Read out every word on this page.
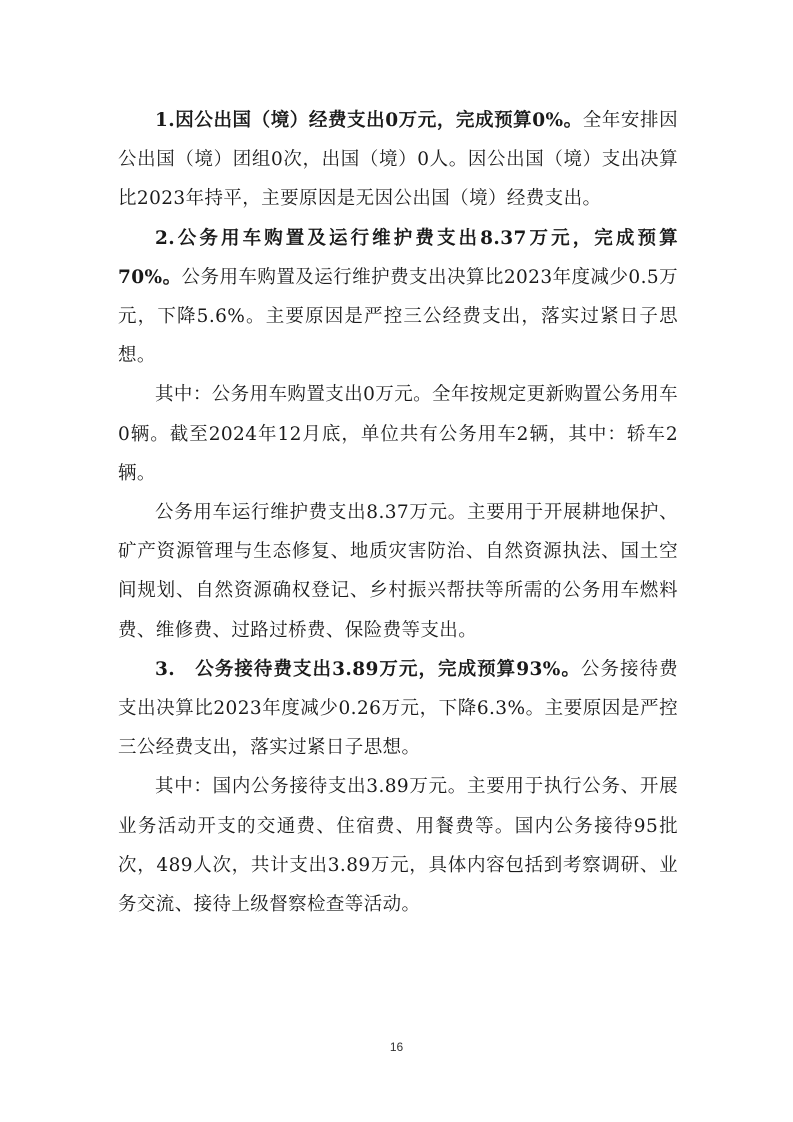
1.因公出国（境）经费支出0万元，完成预算0%。全年安排因公出国（境）团组0次，出国（境）0人。因公出国（境）支出决算比2023年持平，主要原因是无因公出国（境）经费支出。

2.公务用车购置及运行维护费支出8.37万元，完成预算70%。公务用车购置及运行维护费支出决算比2023年度减少0.5万元，下降5.6%。主要原因是严控三公经费支出，落实过紧日子思想。

其中：公务用车购置支出0万元。全年按规定更新购置公务用车0辆。截至2024年12月底，单位共有公务用车2辆，其中：轿车2辆。

公务用车运行维护费支出8.37万元。主要用于开展耕地保护、矿产资源管理与生态修复、地质灾害防治、自然资源执法、国土空间规划、自然资源确权登记、乡村振兴帮扶等所需的公务用车燃料费、维修费、过路过桥费、保险费等支出。

3.　公务接待费支出3.89万元，完成预算93%。公务接待费支出决算比2023年度减少0.26万元，下降6.3%。主要原因是严控三公经费支出，落实过紧日子思想。

其中：国内公务接待支出3.89万元。主要用于执行公务、开展业务活动开支的交通费、住宿费、用餐费等。国内公务接待95批次，489人次，共计支出3.89万元，具体内容包括到考察调研、业务交流、接待上级督察检查等活动。

16
